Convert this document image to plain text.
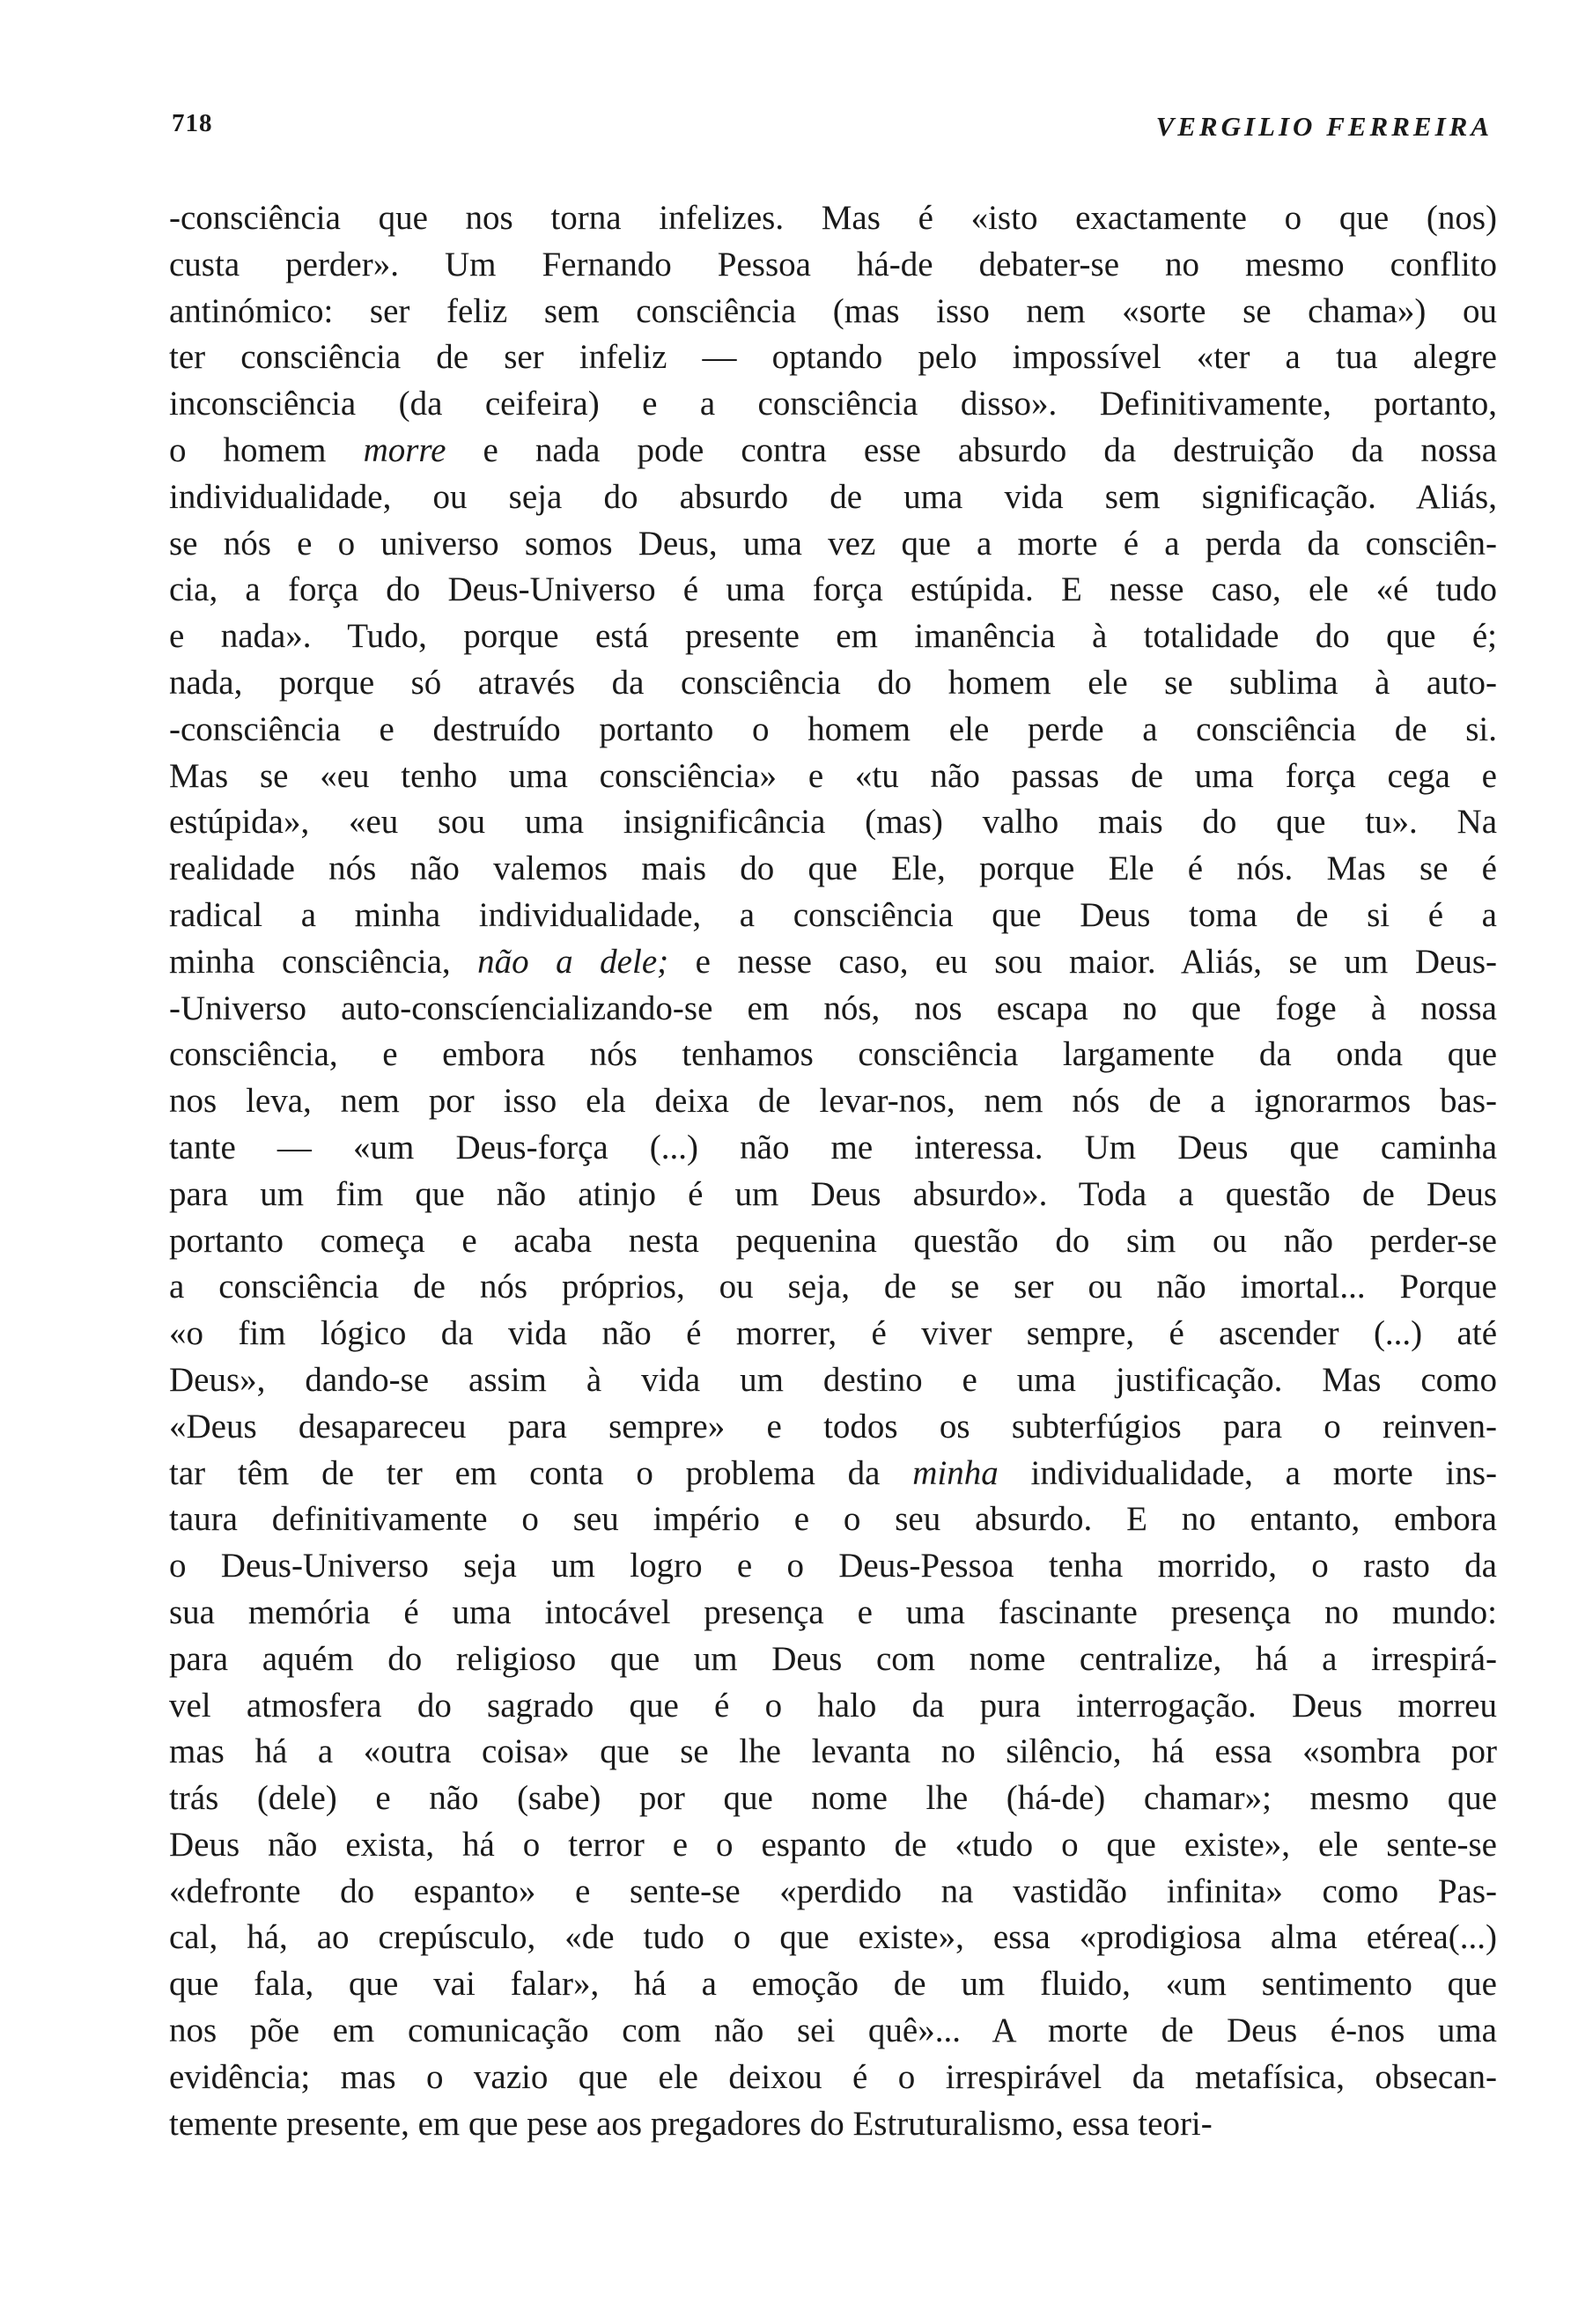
718	VERGILIO FERREIRA
-consciência que nos torna infelizes. Mas é «isto exactamente o que (nos)
custa perder». Um Fernando Pessoa há-de debater-se no mesmo conflito
antinómico: ser feliz sem consciência (mas isso nem «sorte se chama») ou
ter consciência de ser infeliz — optando pelo impossível «ter a tua alegre
inconsciência (da ceifeira) e a consciência disso». Definitivamente, portanto,
o homem morre e nada pode contra esse absurdo da destruição da nossa
individualidade, ou seja do absurdo de uma vida sem significação. Aliás,
se nós e o universo somos Deus, uma vez que a morte é a perda da consciên-
cia, a força do Deus-Universo é uma força estúpida. E nesse caso, ele «é tudo
e nada». Tudo, porque está presente em imanência à totalidade do que é;
nada, porque só através da consciência do homem ele se sublima à auto-
-consciência e destruído portanto o homem ele perde a consciência de si.
Mas se «eu tenho uma consciência» e «tu não passas de uma força cega e
estúpida», «eu sou uma insignificância (mas) valho mais do que tu». Na
realidade nós não valemos mais do que Ele, porque Ele é nós. Mas se é
radical a minha individualidade, a consciência que Deus toma de si é a
minha consciência, não a dele; e nesse caso, eu sou maior. Aliás, se um Deus-
-Universo auto-conscíencializando-se em nós, nos escapa no que foge à nossa
consciência, e embora nós tenhamos consciência largamente da onda que
nos leva, nem por isso ela deixa de levar-nos, nem nós de a ignorarmos bas-
tante — «um Deus-força (...) não me interessa. Um Deus que caminha
para um fim que não atinjo é um Deus absurdo». Toda a questão de Deus
portanto começa e acaba nesta pequenina questão do sim ou não perder-se
a consciência de nós próprios, ou seja, de se ser ou não imortal... Porque
«o fim lógico da vida não é morrer, é viver sempre, é ascender (...) até
Deus», dando-se assim à vida um destino e uma justificação. Mas como
«Deus desapareceu para sempre» e todos os subterfúgios para o reinven-
tar têm de ter em conta o problema da minha individualidade, a morte ins-
taura definitivamente o seu império e o seu absurdo. E no entanto, embora
o Deus-Universo seja um logro e o Deus-Pessoa tenha morrido, o rasto da
sua memória é uma intocável presença e uma fascinante presença no mundo:
para aquém do religioso que um Deus com nome centralize, há a irrespirá-
vel atmosfera do sagrado que é o halo da pura interrogação. Deus morreu
mas há a «outra coisa» que se lhe levanta no silêncio, há essa «sombra por
trás (dele) e não (sabe) por que nome lhe (há-de) chamar»; mesmo que
Deus não exista, há o terror e o espanto de «tudo o que existe», ele sente-se
«defronte do espanto» e sente-se «perdido na vastidão infinita» como Pas-
cal, há, ao crepúsculo, «de tudo o que existe», essa «prodigiosa alma etérea(...)
que fala, que vai falar», há a emoção de um fluido, «um sentimento que
nos põe em comunicação com não sei quê»... A morte de Deus é-nos uma
evidência; mas o vazio que ele deixou é o irrespirável da metafísica, obsecan-
temente presente, em que pese aos pregadores do Estruturalismo, essa teori-
